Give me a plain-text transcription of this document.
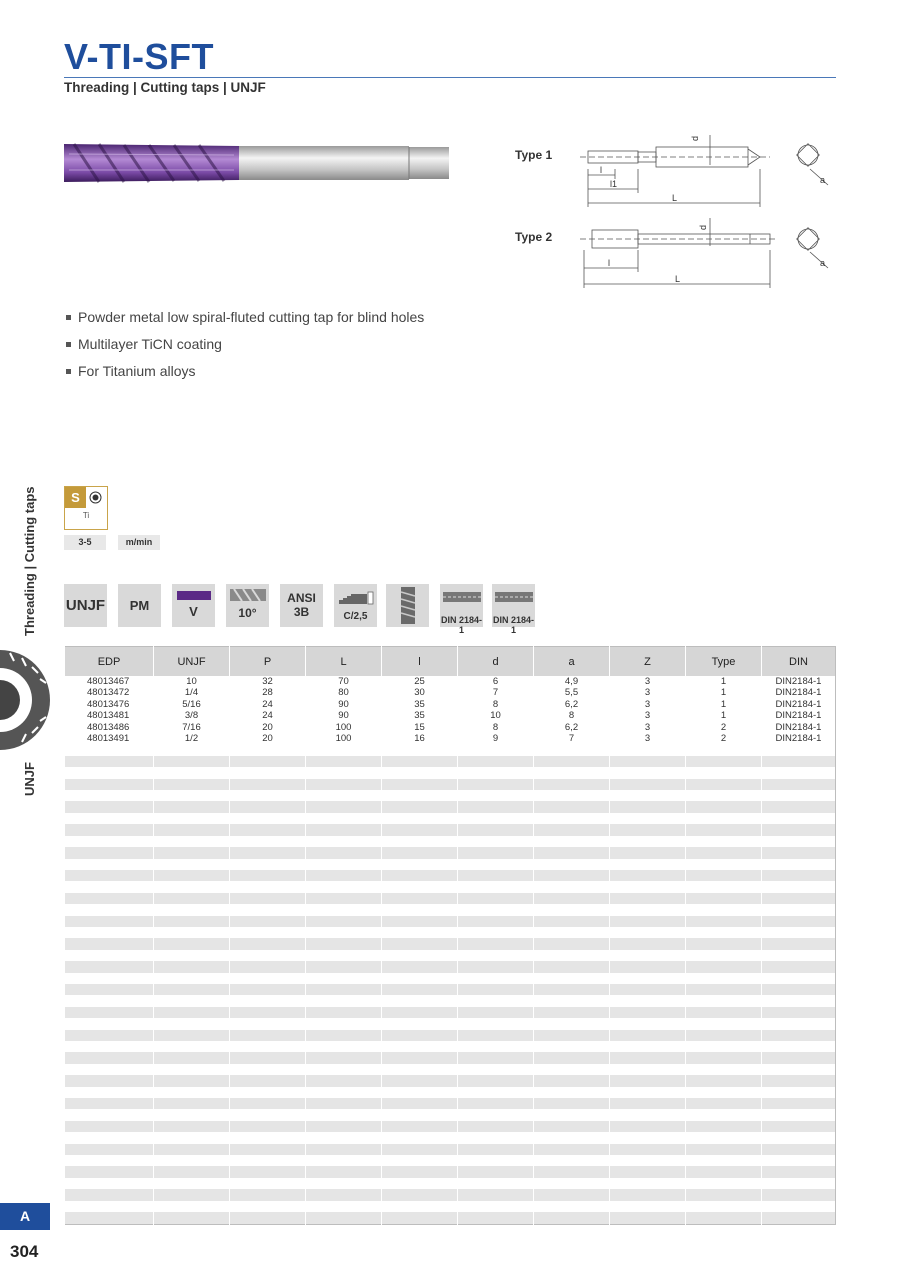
V-TI-SFT
Threading | Cutting taps | UNJF
Type 1
d
l
l1
L
a
Type 2
d
l
L
a
Powder metal low spiral-fluted cutting tap for blind holes
Multilayer TiCN coating
For Titanium alloys
Threading | Cutting taps
UNJF
S
Ti
3-5	m/min
UNJF	PM	V	10°
ANSI
3B	C/2,5	DIN 2184-1
DIN 2184-1
EDP	UNJF	P	L	l	d	a	Z	Type	DIN
48013467	10	32	70	25	6	4,9	3	1	DIN2184-1
48013472	1/4	28	80	30	7	5,5	3	1	DIN2184-1
48013476	5/16	24	90	35	8	6,2	3	1	DIN2184-1
48013481	3/8	24	90	35	10	8	3	1	DIN2184-1
48013486	7/16	20	100	15	8	6,2	3	2	DIN2184-1
48013491	1/2	20	100	16	9	7	3	2	DIN2184-1

A
304
